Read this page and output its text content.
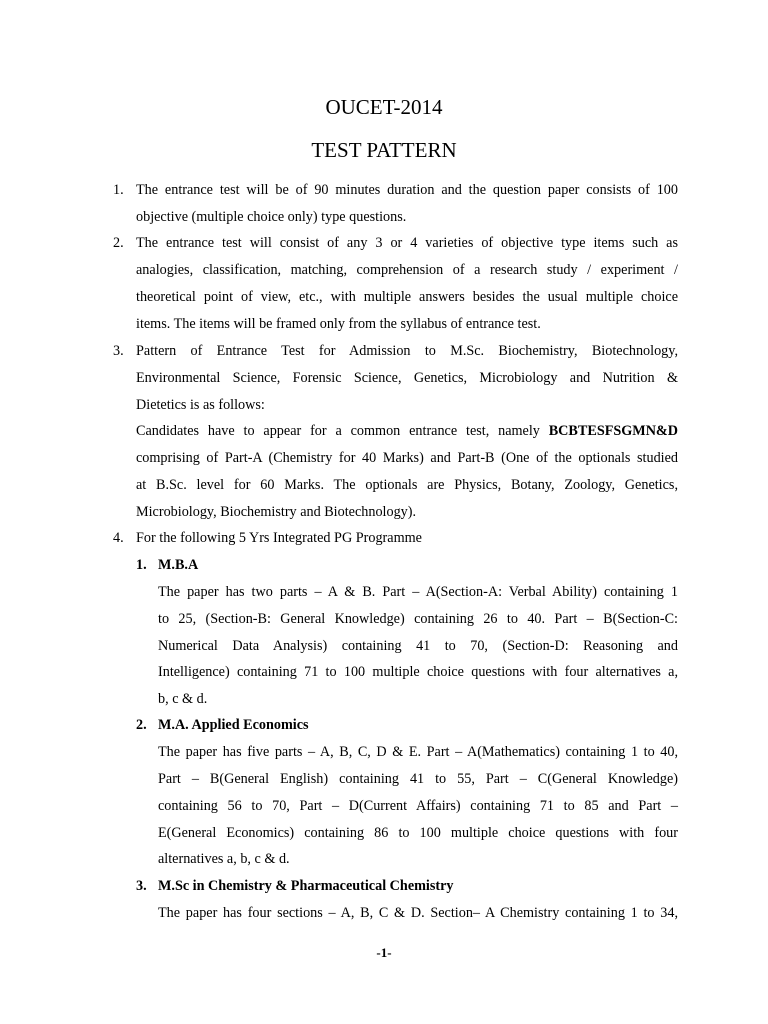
OUCET-2014
TEST PATTERN
1. The entrance test will be of 90 minutes duration and the question paper consists of 100
objective (multiple choice only) type questions.
2. The entrance test will consist of any 3 or 4 varieties of objective type items such as
analogies, classification, matching, comprehension of a research study / experiment /
theoretical point of view, etc., with multiple answers besides the usual multiple choice
items. The items will be framed only from the syllabus of entrance test.
3. Pattern of Entrance Test for Admission to M.Sc. Biochemistry, Biotechnology,
Environmental Science, Forensic Science, Genetics, Microbiology and Nutrition &
Dietetics is as follows:
Candidates have to appear for a common entrance test, namely BCBTESFSGMN&D
comprising of Part-A (Chemistry for 40 Marks) and Part-B (One of the optionals studied
at B.Sc. level for 60 Marks. The optionals are Physics, Botany, Zoology, Genetics,
Microbiology, Biochemistry and Biotechnology).
4. For the following 5 Yrs Integrated PG Programme
1. M.B.A
The paper has two parts – A & B. Part – A(Section-A: Verbal Ability) containing 1
to 25, (Section-B: General Knowledge) containing 26 to 40. Part – B(Section-C:
Numerical Data Analysis) containing 41 to 70, (Section-D: Reasoning and
Intelligence) containing 71 to 100 multiple choice questions with four alternatives a,
b, c & d.
2. M.A. Applied Economics
The paper has five parts – A, B, C, D & E. Part – A(Mathematics) containing 1 to 40,
Part – B(General English) containing 41 to 55, Part – C(General Knowledge)
containing 56 to 70, Part – D(Current Affairs) containing 71 to 85 and Part –
E(General Economics) containing 86 to 100 multiple choice questions with four
alternatives a, b, c & d.
3. M.Sc in Chemistry & Pharmaceutical Chemistry
The paper has four sections – A, B, C & D. Section– A Chemistry containing 1 to 34,
-1-
